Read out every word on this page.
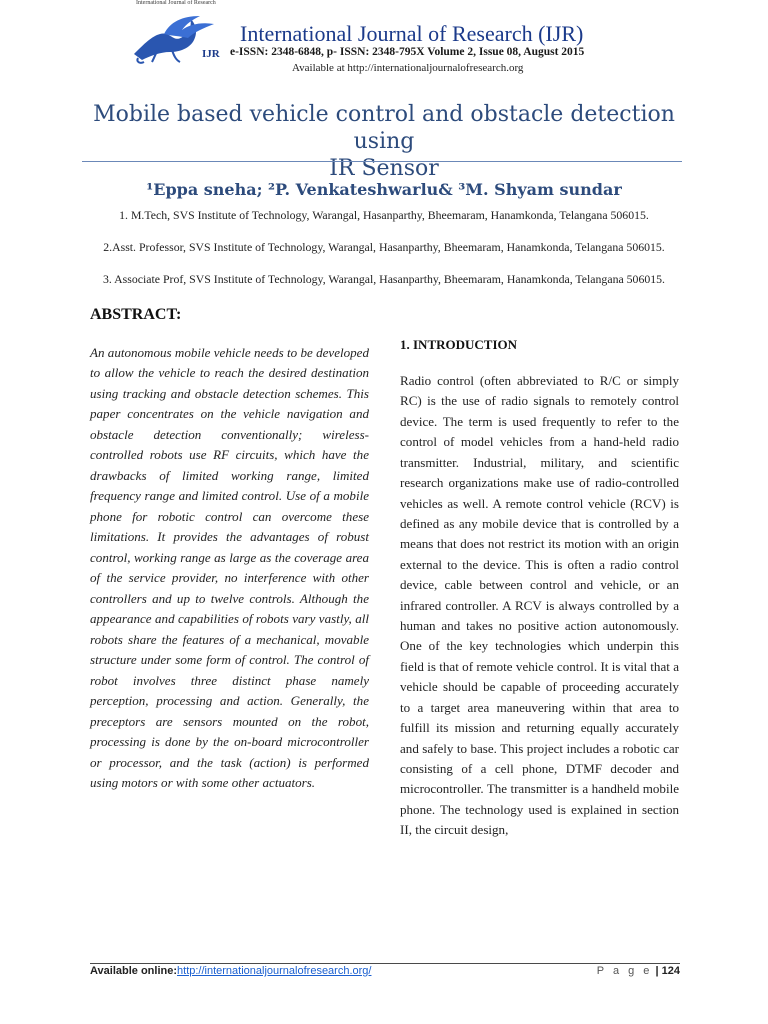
International Journal of Research
IJR
International Journal of Research (IJR)
e-ISSN: 2348-6848, p- ISSN: 2348-795X Volume 2, Issue 08, August 2015
Available at http://internationaljournalofresearch.org
Mobile based vehicle control and obstacle detection using
IR Sensor
¹Eppa sneha; ²P. Venkateshwarlu& ³M. Shyam sundar
1. M.Tech, SVS Institute of Technology, Warangal, Hasanparthy, Bheemaram, Hanamkonda, Telangana 506015.
2.Asst. Professor, SVS Institute of Technology, Warangal, Hasanparthy, Bheemaram, Hanamkonda, Telangana 506015.
3. Associate Prof, SVS Institute of Technology, Warangal, Hasanparthy, Bheemaram, Hanamkonda, Telangana 506015.
ABSTRACT:
An autonomous mobile vehicle needs to be developed to allow the vehicle to reach the desired destination using tracking and obstacle detection schemes. This paper concentrates on the vehicle navigation and obstacle detection conventionally; wireless-controlled robots use RF circuits, which have the drawbacks of limited working range, limited frequency range and limited control. Use of a mobile phone for robotic control can overcome these limitations. It provides the advantages of robust control, working range as large as the coverage area of the service provider, no interference with other controllers and up to twelve controls. Although the appearance and capabilities of robots vary vastly, all robots share the features of a mechanical, movable structure under some form of control. The control of robot involves three distinct phase namely perception, processing and action. Generally, the preceptors are sensors mounted on the robot, processing is done by the on-board microcontroller or processor, and the task (action) is performed using motors or with some other actuators.
1. INTRODUCTION
Radio control (often abbreviated to R/C or simply RC) is the use of radio signals to remotely control device. The term is used frequently to refer to the control of model vehicles from a hand-held radio transmitter. Industrial, military, and scientific research organizations make use of radio-controlled vehicles as well. A remote control vehicle (RCV) is defined as any mobile device that is controlled by a means that does not restrict its motion with an origin external to the device. This is often a radio control device, cable between control and vehicle, or an infrared controller. A RCV is always controlled by a human and takes no positive action autonomously. One of the key technologies which underpin this field is that of remote vehicle control. It is vital that a vehicle should be capable of proceeding accurately to a target area maneuvering within that area to fulfill its mission and returning equally accurately and safely to base. This project includes a robotic car consisting of a cell phone, DTMF decoder and microcontroller. The transmitter is a handheld mobile phone. The technology used is explained in section II, the circuit design,
Available online:http://internationaljournalofresearch.org/	P a g e | 124
